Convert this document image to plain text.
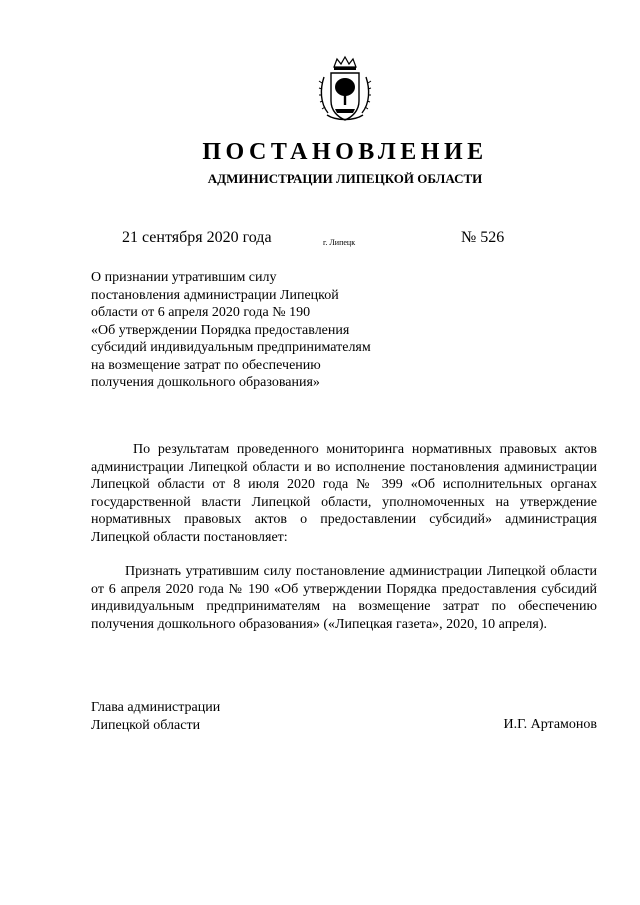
ПОСТАНОВЛЕНИЕ
АДМИНИСТРАЦИИ ЛИПЕЦКОЙ ОБЛАСТИ
21 сентября 2020 года	г. Липецк	№ 526
О признании утратившим силу
постановления администрации Липецкой
области от 6 апреля 2020 года № 190
«Об утверждении Порядка предоставления
субсидий индивидуальным предпринимателям
на возмещение затрат по обеспечению
получения дошкольного образования»

По результатам проведенного мониторинга нормативных правовых актов администрации Липецкой области и во исполнение постановления администрации Липецкой области от 8 июля 2020 года № 399 «Об исполнительных органах государственной власти Липецкой области, уполномоченных на утверждение нормативных правовых актов о предоставлении субсидий» администрация Липецкой области постановляет:

Признать утратившим силу постановление администрации Липецкой области от 6 апреля 2020 года № 190 «Об утверждении Порядка предоставления субсидий индивидуальным предпринимателям на возмещение затрат по обеспечению получения дошкольного образования» («Липецкая газета», 2020, 10 апреля).

Глава администрации
Липецкой области	И.Г. Артамонов
